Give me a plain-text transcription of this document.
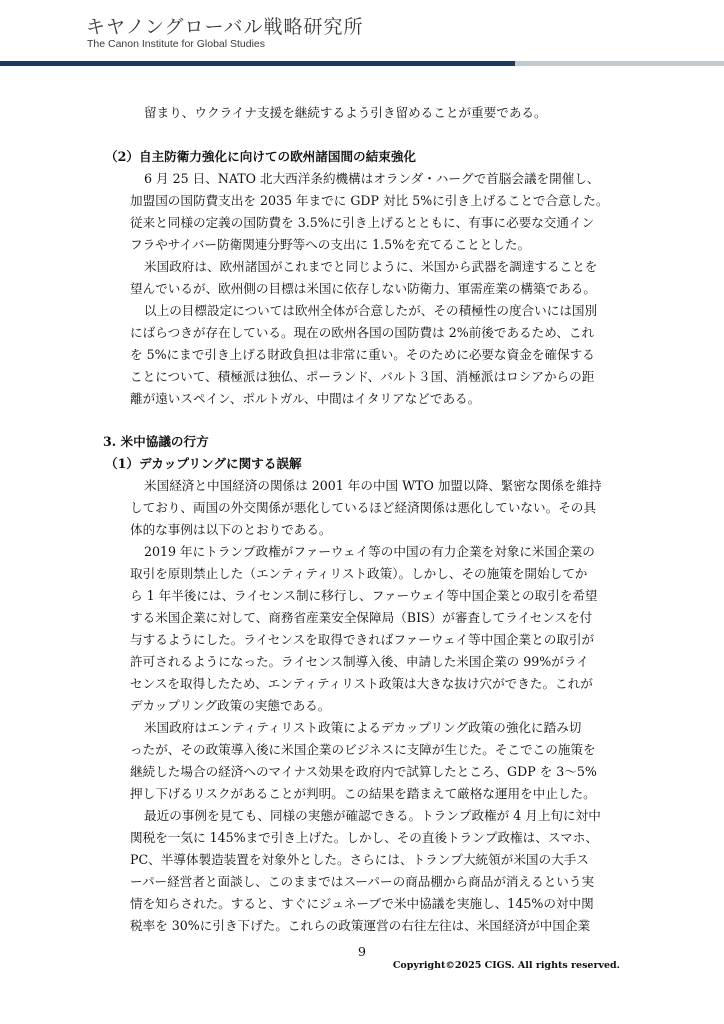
キヤノングローバル戦略研究所
The Canon Institute for Global Studies
留まり、ウクライナ支援を継続するよう引き留めることが重要である。
（2）自主防衛力強化に向けての欧州諸国間の結束強化
6 月 25 日、NATO 北大西洋条約機構はオランダ・ハーグで首脳会議を開催し、
加盟国の国防費支出を 2035 年までに GDP 対比 5%に引き上げることで合意した。
従来と同様の定義の国防費を 3.5%に引き上げるとともに、有事に必要な交通イン
フラやサイバー防衛関連分野等への支出に 1.5%を充てることとした。
米国政府は、欧州諸国がこれまでと同じように、米国から武器を調達することを
望んでいるが、欧州側の目標は米国に依存しない防衛力、軍需産業の構築である。
以上の目標設定については欧州全体が合意したが、その積極性の度合いには国別
にばらつきが存在している。現在の欧州各国の国防費は 2%前後であるため、これ
を 5%にまで引き上げる財政負担は非常に重い。そのために必要な資金を確保する
ことについて、積極派は独仏、ポーランド、バルト３国、消極派はロシアからの距
離が遠いスペイン、ポルトガル、中間はイタリアなどである。
3. 米中協議の行方
（1）デカップリングに関する誤解
米国経済と中国経済の関係は 2001 年の中国 WTO 加盟以降、緊密な関係を維持
しており、両国の外交関係が悪化しているほど経済関係は悪化していない。その具
体的な事例は以下のとおりである。
2019 年にトランプ政権がファーウェイ等の中国の有力企業を対象に米国企業の
取引を原則禁止した（エンティティリスト政策）。しかし、その施策を開始してか
ら 1 年半後には、ライセンス制に移行し、ファーウェイ等中国企業との取引を希望
する米国企業に対して、商務省産業安全保障局（BIS）が審査してライセンスを付
与するようにした。ライセンスを取得できればファーウェイ等中国企業との取引が
許可されるようになった。ライセンス制導入後、申請した米国企業の 99%がライ
センスを取得したため、エンティティリスト政策は大きな抜け穴ができた。これが
デカップリング政策の実態である。
米国政府はエンティティリスト政策によるデカップリング政策の強化に踏み切
ったが、その政策導入後に米国企業のビジネスに支障が生じた。そこでこの施策を
継続した場合の経済へのマイナス効果を政府内で試算したところ、GDP を 3〜5%
押し下げるリスクがあることが判明。この結果を踏まえて厳格な運用を中止した。
最近の事例を見ても、同様の実態が確認できる。トランプ政権が 4 月上旬に対中
関税を一気に 145%まで引き上げた。しかし、その直後トランプ政権は、スマホ、
PC、半導体製造装置を対象外とした。さらには、トランプ大統領が米国の大手ス
ーパー経営者と面談し、このままではスーパーの商品棚から商品が消えるという実
情を知らされた。すると、すぐにジュネーブで米中協議を実施し、145%の対中関
税率を 30%に引き下げた。これらの政策運営の右往左往は、米国経済が中国企業
9
Copyright©2025 CIGS. All rights reserved.
